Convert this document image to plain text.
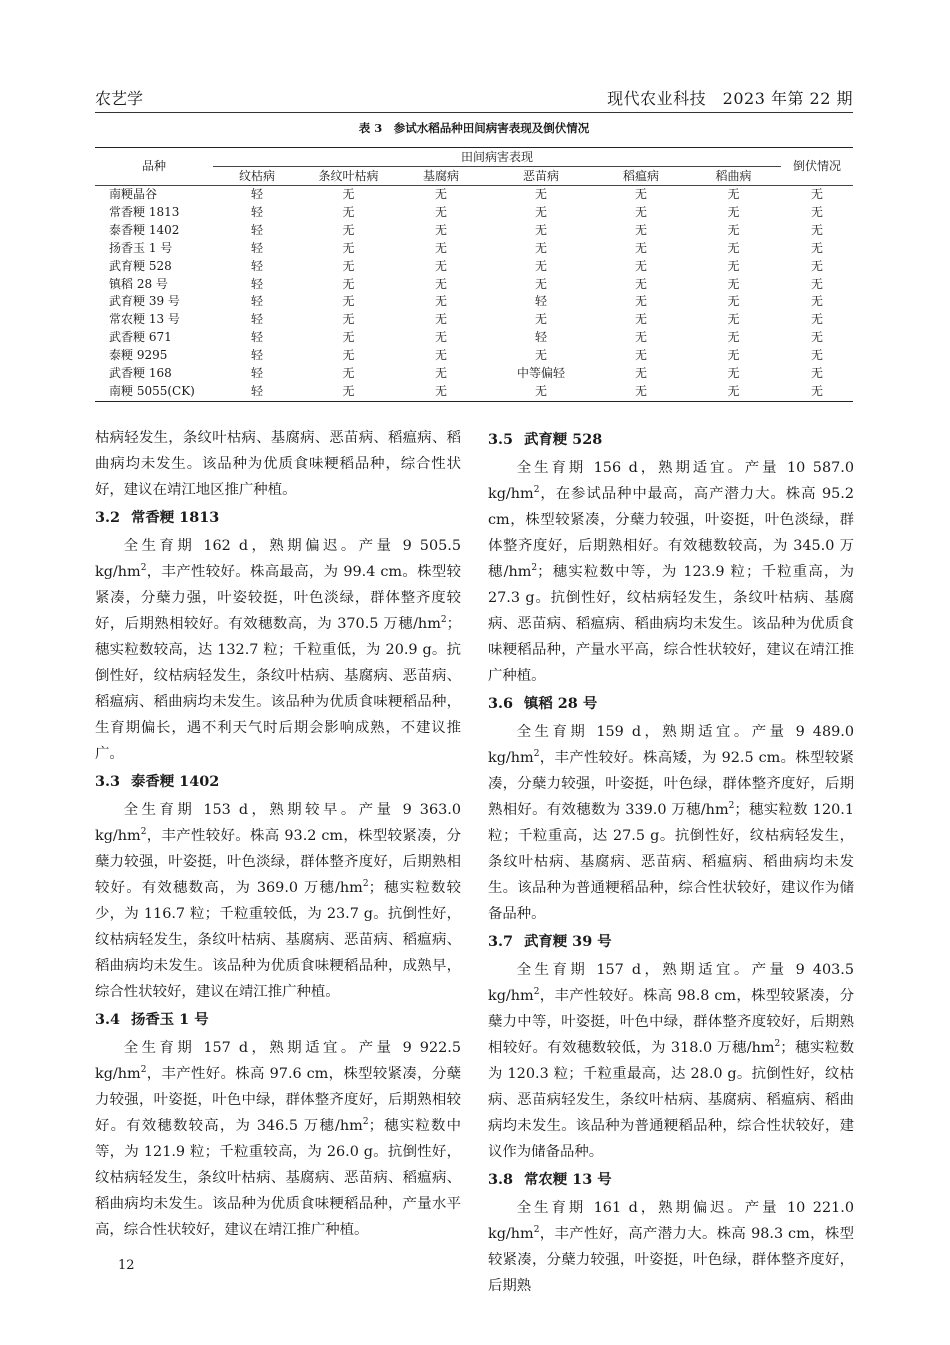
农艺学	现代农业科技　2023 年第 22 期
表 3　参试水稻品种田间病害表现及倒伏情况
品种	田间病害表现						倒伏情况
	纹枯病	条纹叶枯病	基腐病	恶苗病	稻瘟病	稻曲病	
南粳晶谷	轻	无	无	无	无	无	无
常香粳 1813	轻	无	无	无	无	无	无
泰香粳 1402	轻	无	无	无	无	无	无
扬香玉 1 号	轻	无	无	无	无	无	无
武育粳 528	轻	无	无	无	无	无	无
镇稻 28 号	轻	无	无	无	无	无	无
武育粳 39 号	轻	无	无	轻	无	无	无
常农粳 13 号	轻	无	无	无	无	无	无
武香粳 671	轻	无	无	轻	无	无	无
泰粳 9295	轻	无	无	无	无	无	无
武香粳 168	轻	无	无	中等偏轻	无	无	无
南粳 5055(CK)	轻	无	无	无	无	无	无

枯病轻发生，条纹叶枯病、基腐病、恶苗病、稻瘟病、稻曲病均未发生。该品种为优质食味粳稻品种，综合性状好，建议在靖江地区推广种植。

3.2 常香粳 1813

全生育期 162 d，熟期偏迟。产量 9 505.5 $kg/hm^2$，丰产性较好。株高最高，为 99.4 cm。株型较紧凑，分蘖力强，叶姿较挺，叶色淡绿，群体整齐度较好，后期熟相较好。有效穗数高，为 370.5 万穗$/hm^2$；穗实粒数较高，达 132.7 粒；千粒重低，为 20.9 g。抗倒性好，纹枯病轻发生，条纹叶枯病、基腐病、恶苗病、稻瘟病、稻曲病均未发生。该品种为优质食味粳稻品种，生育期偏长，遇不利天气时后期会影响成熟，不建议推广。

3.3 泰香粳 1402

全生育期 153 d，熟期较早。产量 9 363.0 $kg/hm^2$，丰产性较好。株高 93.2 cm，株型较紧凑，分蘖力较强，叶姿挺，叶色淡绿，群体整齐度好，后期熟相较好。有效穗数高，为 369.0 万穗$/hm^2$；穗实粒数较少，为 116.7 粒；千粒重较低，为 23.7 g。抗倒性好，纹枯病轻发生，条纹叶枯病、基腐病、恶苗病、稻瘟病、稻曲病均未发生。该品种为优质食味粳稻品种，成熟早，综合性状较好，建议在靖江推广种植。

3.4 扬香玉 1 号

全生育期 157 d，熟期适宜。产量 9 922.5 $kg/hm^2$，丰产性好。株高 97.6 cm，株型较紧凑，分蘖力较强，叶姿挺，叶色中绿，群体整齐度好，后期熟相较好。有效穗数较高，为 346.5 万穗$/hm^2$；穗实粒数中等，为 121.9 粒；千粒重较高，为 26.0 g。抗倒性好，纹枯病轻发生，条纹叶枯病、基腐病、恶苗病、稻瘟病、稻曲病均未发生。该品种为优质食味粳稻品种，产量水平高，综合性状较好，建议在靖江推广种植。

3.5 武育粳 528

全生育期 156 d，熟期适宜。产量 10 587.0 $kg/hm^2$，在参试品种中最高，高产潜力大。株高 95.2 cm，株型较紧凑，分蘖力较强，叶姿挺，叶色淡绿，群体整齐度好，后期熟相好。有效穗数较高，为 345.0 万穗$/hm^2$；穗实粒数中等，为 123.9 粒；千粒重高，为 27.3 g。抗倒性好，纹枯病轻发生，条纹叶枯病、基腐病、恶苗病、稻瘟病、稻曲病均未发生。该品种为优质食味粳稻品种，产量水平高，综合性状较好，建议在靖江推广种植。

3.6 镇稻 28 号

全生育期 159 d，熟期适宜。产量 9 489.0 $kg/hm^2$，丰产性较好。株高矮，为 92.5 cm。株型较紧凑，分蘖力较强，叶姿挺，叶色绿，群体整齐度好，后期熟相好。有效穗数为 339.0 万穗$/hm^2$；穗实粒数 120.1 粒；千粒重高，达 27.5 g。抗倒性好，纹枯病轻发生，条纹叶枯病、基腐病、恶苗病、稻瘟病、稻曲病均未发生。该品种为普通粳稻品种，综合性状较好，建议作为储备品种。

3.7 武育粳 39 号

全生育期 157 d，熟期适宜。产量 9 403.5 $kg/hm^2$，丰产性较好。株高 98.8 cm，株型较紧凑，分蘖力中等，叶姿挺，叶色中绿，群体整齐度较好，后期熟相较好。有效穗数较低，为 318.0 万穗$/hm^2$；穗实粒数为 120.3 粒；千粒重最高，达 28.0 g。抗倒性好，纹枯病、恶苗病轻发生，条纹叶枯病、基腐病、稻瘟病、稻曲病均未发生。该品种为普通粳稻品种，综合性状较好，建议作为储备品种。

3.8 常农粳 13 号

全生育期 161 d，熟期偏迟。产量 10 221.0 $kg/hm^2$，丰产性好，高产潜力大。株高 98.3 cm，株型较紧凑，分蘖力较强，叶姿挺，叶色绿，群体整齐度好，后期熟

12
